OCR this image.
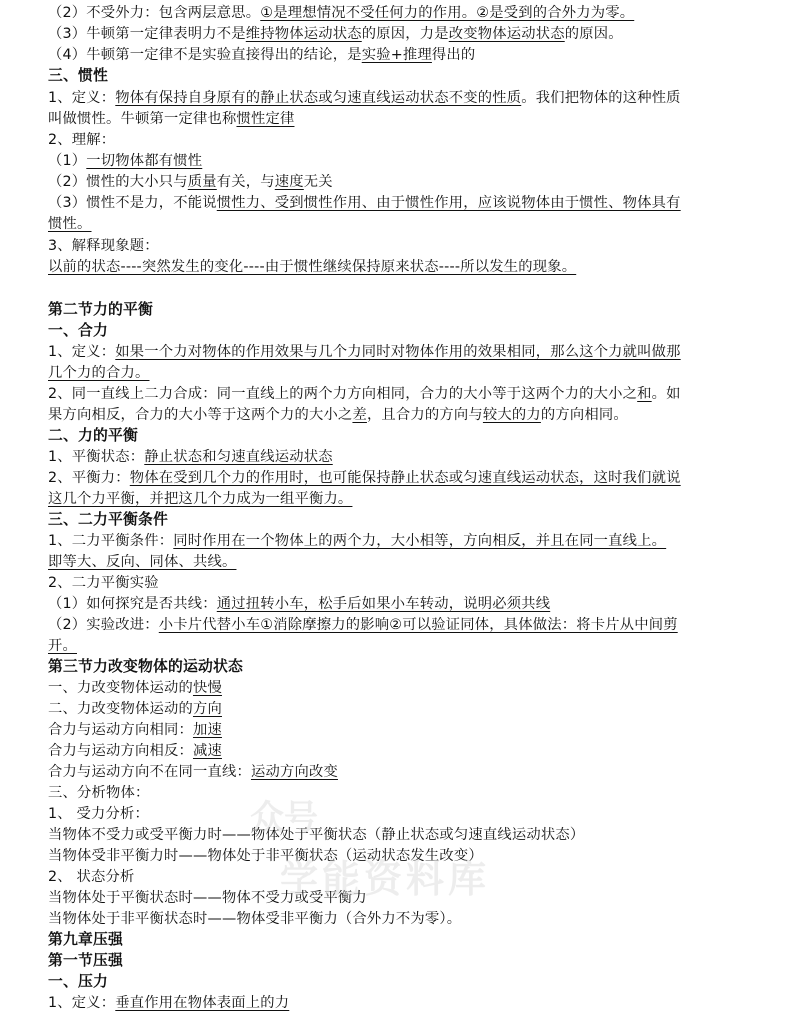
（2）不受外力：包含两层意思。①是理想情况不受任何力的作用。②是受到的合外力为零。
（3）牛顿第一定律表明力不是维持物体运动状态的原因，力是改变物体运动状态的原因。
（4）牛顿第一定律不是实验直接得出的结论，是实验+推理得出的
三、惯性
1、定义：物体有保持自身原有的静止状态或匀速直线运动状态不变的性质。我们把物体的这种性质
叫做惯性。牛顿第一定律也称惯性定律
2、理解：
（1）一切物体都有惯性
（2）惯性的大小只与质量有关，与速度无关
（3）惯性不是力，不能说惯性力、受到惯性作用、由于惯性作用，应该说物体由于惯性、物体具有
惯性。
3、解释现象题：
以前的状态----突然发生的变化----由于惯性继续保持原来状态----所以发生的现象。
第二节力的平衡
一、合力
1、定义：如果一个力对物体的作用效果与几个力同时对物体作用的效果相同，那么这个力就叫做那
几个力的合力。
2、同一直线上二力合成：同一直线上的两个力方向相同，合力的大小等于这两个力的大小之和。如
果方向相反，合力的大小等于这两个力的大小之差，且合力的方向与较大的力的方向相同。
二、力的平衡
1、平衡状态：静止状态和匀速直线运动状态
2、平衡力：物体在受到几个力的作用时，也可能保持静止状态或匀速直线运动状态，这时我们就说
这几个力平衡，并把这几个力成为一组平衡力。
三、二力平衡条件
1、二力平衡条件：同时作用在一个物体上的两个力，大小相等，方向相反，并且在同一直线上。
即等大、反向、同体、共线。
2、二力平衡实验
（1）如何探究是否共线：通过扭转小车，松手后如果小车转动，说明必须共线
（2）实验改进：小卡片代替小车①消除摩擦力的影响②可以验证同体，具体做法：将卡片从中间剪
开。
第三节力改变物体的运动状态
一、力改变物体运动的快慢
二、力改变物体运动的方向
合力与运动方向相同：加速
合力与运动方向相反：减速
合力与运动方向不在同一直线：运动方向改变
三、分析物体：
1、 受力分析：
当物体不受力或受平衡力时——物体处于平衡状态（静止状态或匀速直线运动状态）
当物体受非平衡力时——物体处于非平衡状态（运动状态发生改变）
2、 状态分析
当物体处于平衡状态时——物体不受力或受平衡力
当物体处于非平衡状态时——物体受非平衡力（合外力不为零）。
第九章压强
第一节压强
一、压力
1、定义：垂直作用在物体表面上的力
众号
学能资料库
